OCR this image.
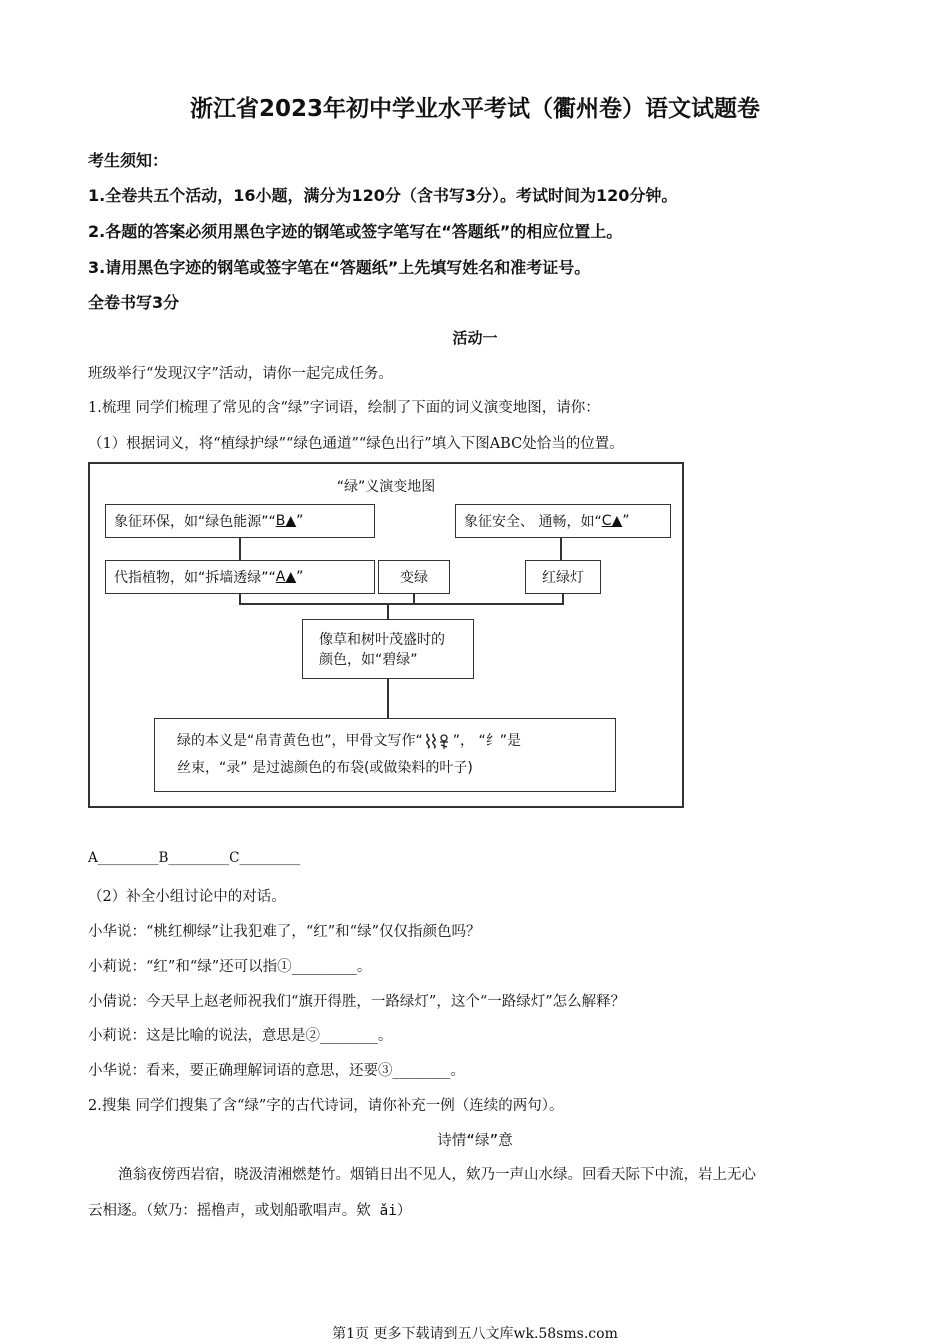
浙江省2023年初中学业水平考试（衢州卷）语文试题卷
考生须知：
1.全卷共五个活动，16小题，满分为120分（含书写3分）。考试时间为120分钟。
2.各题的答案必须用黑色字迹的钢笔或签字笔写在“答题纸”的相应位置上。
3.请用黑色字迹的钢笔或签字笔在“答题纸”上先填写姓名和准考证号。
全卷书写3分
活动一
班级举行“发现汉字”活动，请你一起完成任务。
1.梳理 同学们梳理了常见的含“绿”字词语，绘制了下面的词义演变地图，请你：
（1）根据词义，将“植绿护绿”“绿色通道”“绿色出行”填入下图ABC处恰当的位置。
“绿”义演变地图
象征环保，如“绿色能源”“ B▲ ”	象征安全、 通畅，如“ C▲ ”
代指植物，如“拆墙透绿”“ A▲ ”	变绿	红绿灯
像草和树叶茂盛时的
颜色，如“碧绿”
绿的本义是“帛青黄色也”，甲骨文写作“ ”， “纟”是
丝束，“录” 是过滤颜色的布袋(或做染料的叶子)
A_________B_________C_________
（2）补全小组讨论中的对话。
小华说：“桃红柳绿”让我犯难了，“红”和“绿”仅仅指颜色吗？
小莉说：“红”和“绿”还可以指①_________。
小倩说：今天早上赵老师祝我们“旗开得胜，一路绿灯”，这个“一路绿灯”怎么解释？
小莉说：这是比喻的说法，意思是②________。
小华说：看来，要正确理解词语的意思，还要③________。
2.搜集 同学们搜集了含“绿”字的古代诗词，请你补充一例（连续的两句）。
诗情“绿”意
渔翁夜傍西岩宿，晓汲清湘燃楚竹。烟销日出不见人，欸乃一声山水绿。回看天际下中流，岩上无心
云相逐。（欸乃：摇橹声，或划船歌唱声。欸 ǎi）
第1页 更多下载请到五八文库wk.58sms.com
